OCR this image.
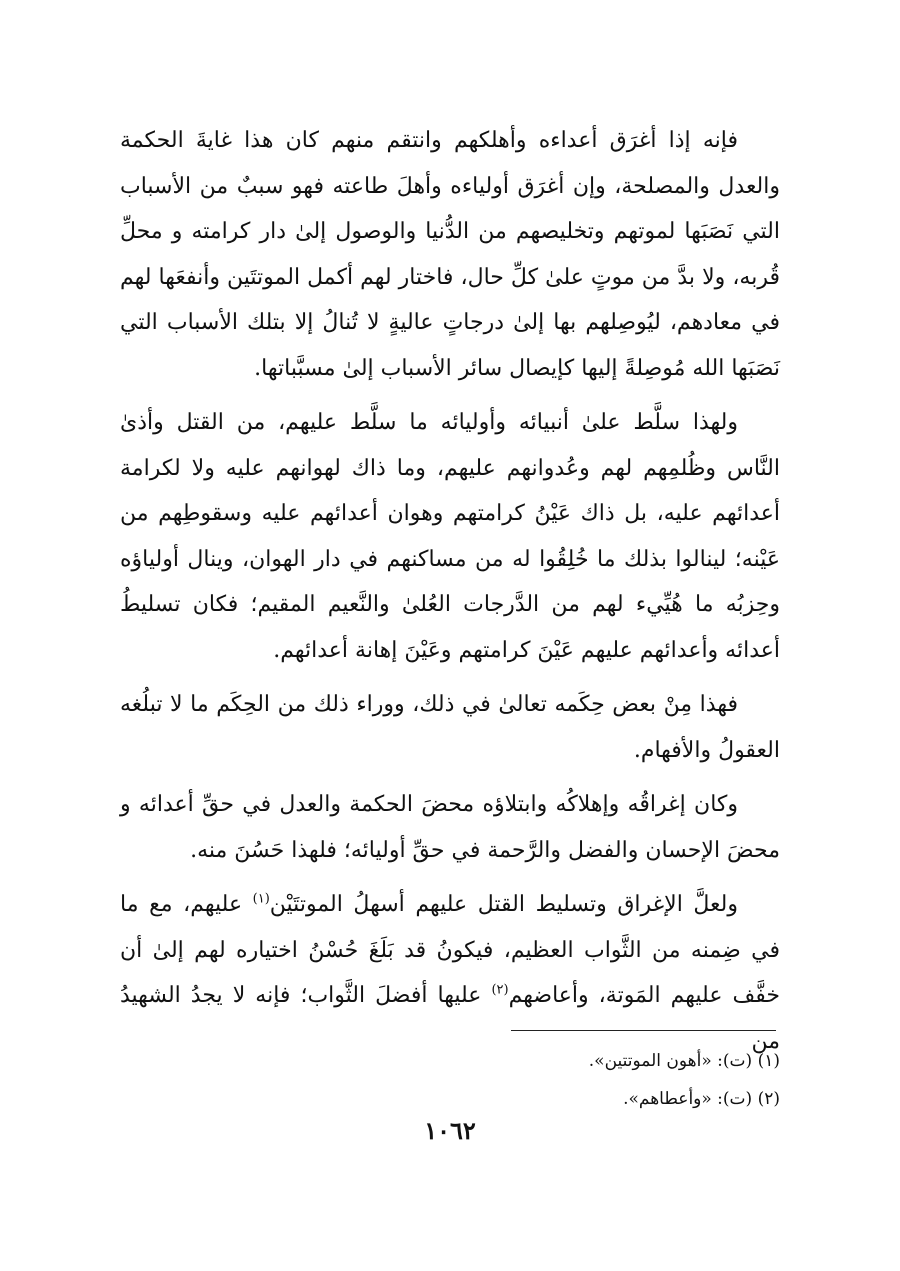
فإنه إذا أغرَق أعداءه وأهلكهم وانتقم منهم كان هذا غايةَ الحكمة والعدل والمصلحة، وإن أغرَق أولياءه وأهلَ طاعته فهو سببٌ من الأسباب التي نَصَبَها لموتهم وتخليصهم من الدُّنيا والوصول إلىٰ دار كرامته و محلِّ قُربه، ولا بدَّ من موتٍ علىٰ كلِّ حال، فاختار لهم أكمل الموتتَين وأنفعَها لهم في معادهم، ليُوصِلهم بها إلىٰ درجاتٍ عاليةٍ لا تُنالُ إلا بتلك الأسباب التي نَصَبَها الله مُوصِلةً إليها كإيصال سائر الأسباب إلىٰ مسبَّباتها.

ولهذا سلَّط علىٰ أنبيائه وأوليائه ما سلَّط عليهم، من القتل وأذىٰ النَّاس وظُلمِهم لهم وعُدوانهم عليهم، وما ذاك لهوانهم عليه ولا لكرامة أعدائهم عليه، بل ذاك عَيْنُ كرامتهم وهوان أعدائهم عليه وسقوطِهم من عَيْنه؛ لينالوا بذلك ما خُلِقُوا له من مساكنهم في دار الهوان، وينال أولياؤه وحِزبُه ما هُيِّيء لهم من الدَّرجات العُلىٰ والنَّعيم المقيم؛ فكان تسليطُ أعدائه وأعدائهم عليهم عَيْنَ كرامتهم وعَيْنَ إهانة أعدائهم.

فهذا مِنْ بعض حِكَمه تعالىٰ في ذلك، ووراء ذلك من الحِكَم ما لا تبلُغه العقولُ والأفهام.

وكان إغراقُه وإهلاكُه وابتلاؤه محضَ الحكمة والعدل في حقِّ أعدائه و محضَ الإحسان والفضل والرَّحمة في حقِّ أوليائه؛ فلهذا حَسُنَ منه.

ولعلَّ الإغراق وتسليط القتل عليهم أسهلُ الموتتَيْن$^{(١)}$ عليهم، مع ما في ضِمنه من الثَّواب العظيم، فيكونُ قد بَلَغَ حُسْنُ اختياره لهم إلىٰ أن خفَّف عليهم المَوتة، وأعاضهم$^{(٢)}$ عليها أفضلَ الثَّواب؛ فإنه لا يجدُ الشهيدُ من

(١) (ت): «أهون الموتتين».

(٢) (ت): «وأعطاهم».

١٠٦٢
